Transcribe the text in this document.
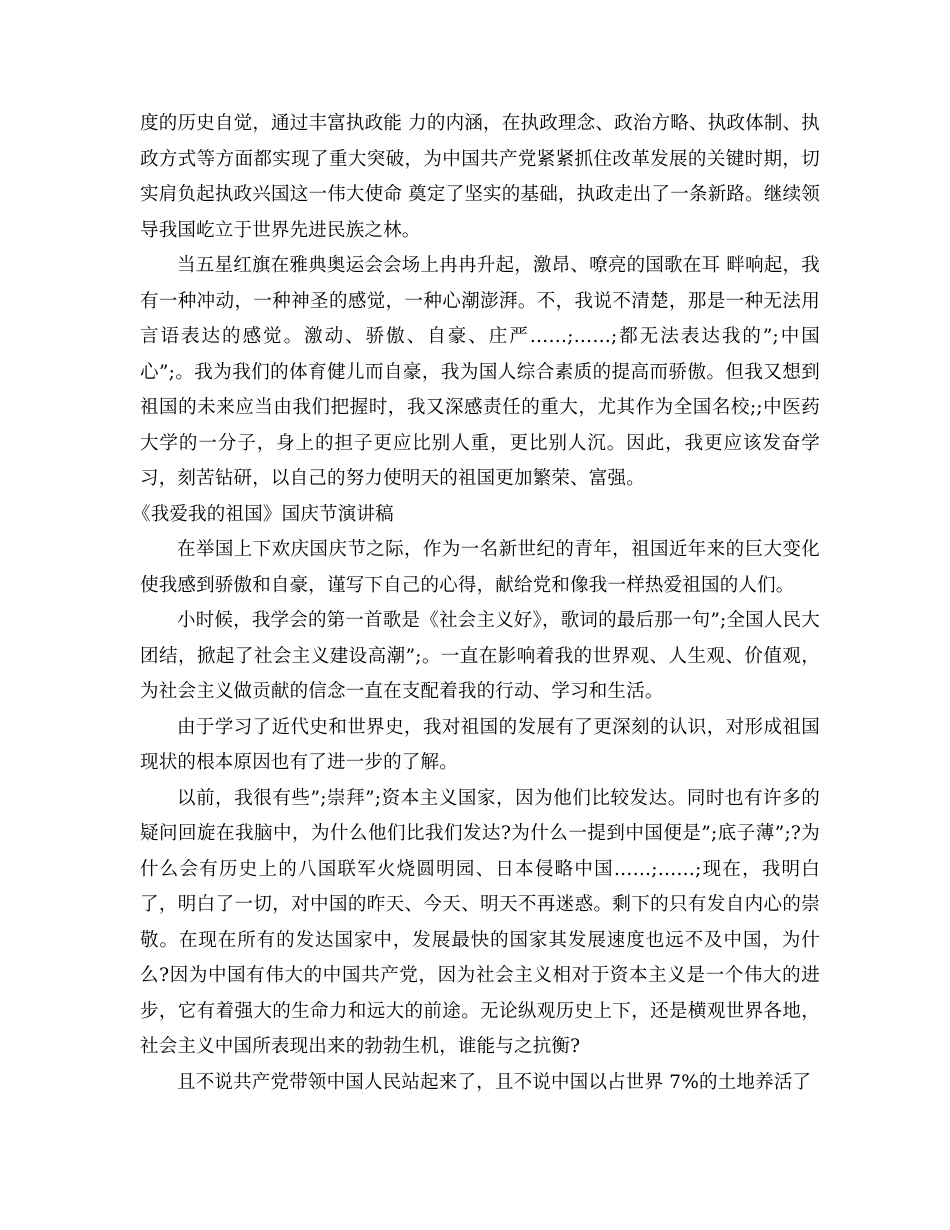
度的历史自觉，通过丰富执政能 力的内涵，在执政理念、政治方略、执政体制、执政方式等方面都实现了重大突破，为中国共产党紧紧抓住改革发展的关键时期，切实肩负起执政兴国这一伟大使命 奠定了坚实的基础，执政走出了一条新路。继续领导我国屹立于世界先进民族之林。

当五星红旗在雅典奥运会会场上冉冉升起，激昂、嘹亮的国歌在耳 畔响起，我有一种冲动，一种神圣的感觉，一种心潮澎湃。不，我说不清楚，那是一种无法用言语表达的感觉。激动、骄傲、自豪、庄严……;……;都无法表达我的”;中国心”;。我为我们的体育健儿而自豪，我为国人综合素质的提高而骄傲。但我又想到祖国的未来应当由我们把握时，我又深感责任的重大，尤其作为全国名校;;中医药大学的一分子，身上的担子更应比别人重，更比别人沉。因此，我更应该发奋学习，刻苦钻研，以自己的努力使明天的祖国更加繁荣、富强。

《我爱我的祖国》国庆节演讲稿

在举国上下欢庆国庆节之际，作为一名新世纪的青年，祖国近年来的巨大变化使我感到骄傲和自豪，谨写下自己的心得，献给党和像我一样热爱祖国的人们。

小时候，我学会的第一首歌是《社会主义好》，歌词的最后那一句”;全国人民大团结，掀起了社会主义建设高潮”;。一直在影响着我的世界观、人生观、价值观，为社会主义做贡献的信念一直在支配着我的行动、学习和生活。

由于学习了近代史和世界史，我对祖国的发展有了更深刻的认识，对形成祖国现状的根本原因也有了进一步的了解。

以前，我很有些”;崇拜”;资本主义国家，因为他们比较发达。同时也有许多的疑问回旋在我脑中，为什么他们比我们发达?为什么一提到中国便是”;底子薄”;?为什么会有历史上的八国联军火烧圆明园、日本侵略中国……;……;现在，我明白了，明白了一切，对中国的昨天、今天、明天不再迷惑。剩下的只有发自内心的崇敬。在现在所有的发达国家中，发展最快的国家其发展速度也远不及中国，为什么?因为中国有伟大的中国共产党，因为社会主义相对于资本主义是一个伟大的进步，它有着强大的生命力和远大的前途。无论纵观历史上下，还是横观世界各地，社会主义中国所表现出来的勃勃生机，谁能与之抗衡?

且不说共产党带领中国人民站起来了，且不说中国以占世界 7%的土地养活了
